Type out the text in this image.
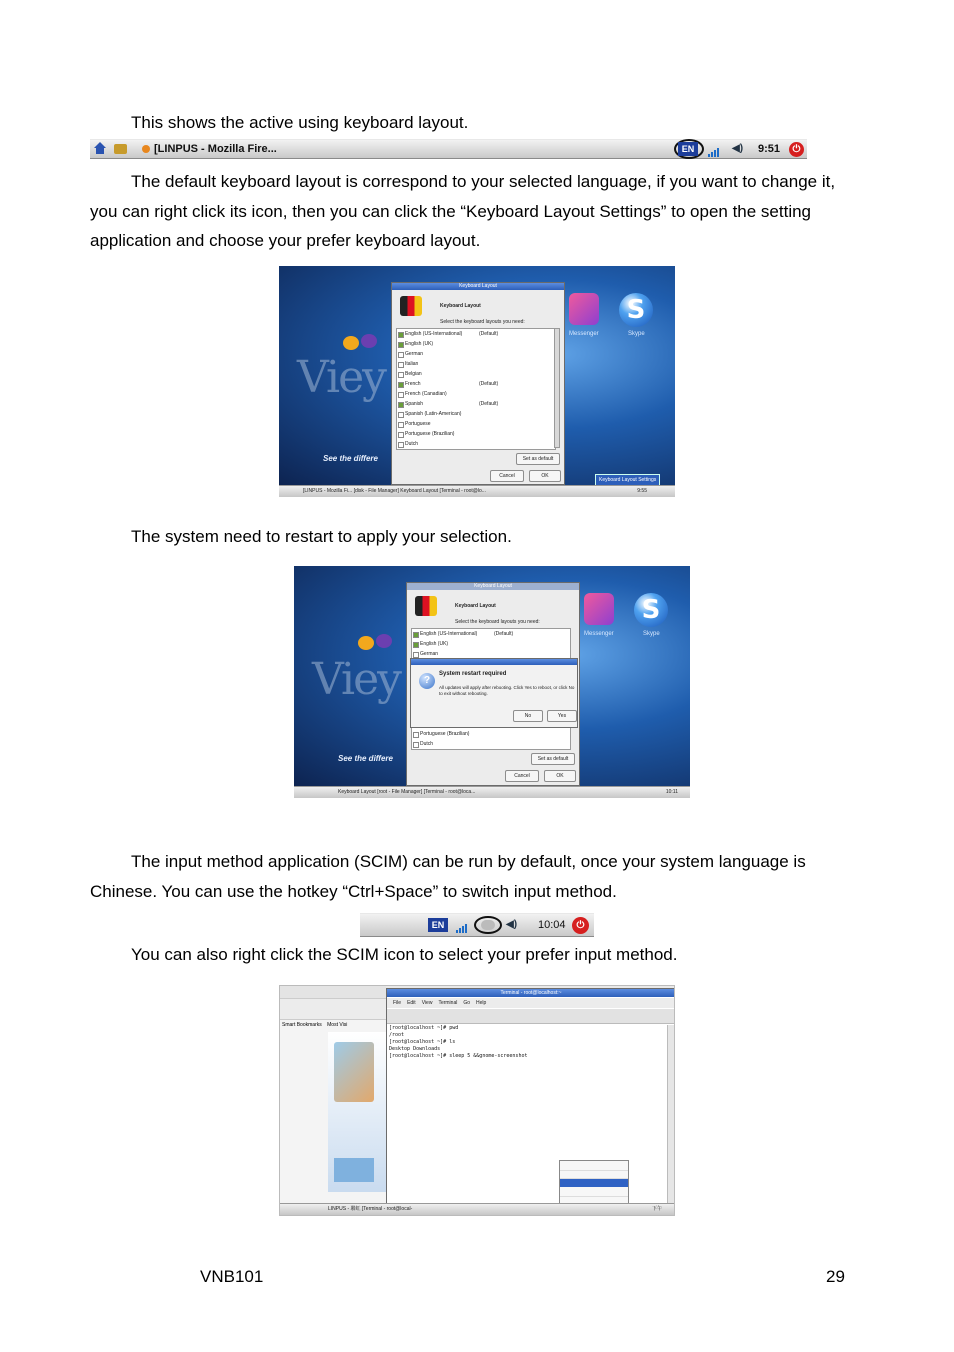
This shows the active using keyboard layout.

[LINPUS - Mozilla Fire...	EN	◀) 9:51	⏻

The default keyboard layout is correspond to your selected language, if you want to change it, you can right click its icon, then you can click the “Keyboard Layout Settings” to open the setting application and choose your prefer keyboard layout.

Viey
See the differe
S
Skype
Messenger
Keyboard Layout
Keyboard Layout
Select the keyboard layouts you need:
English (US-International)	(Default)
English (UK)
German
Italian
Belgian
French	(Default)
French (Canadian)
Spanish	(Default)
Spanish (Latin-American)
Portuguese
Portuguese (Brazilian)
Dutch
Set as default
Cancel	OK
Keyboard Layout Settings
[LINPUS - Mozilla Fi... [disk - File Manager] Keyboard Layout [Terminal - root@lo...	9:55

The system need to restart to apply your selection.

Viey
See the differe
S
Skype
Messenger
Keyboard Layout
Keyboard Layout
Select the keyboard layouts you need:
English (US-International)	(Default)
English (UK)
German
Portuguese (Brazilian)
Dutch
Set as default
Cancel	OK
?
System restart required
All updates will apply after rebooting. Click Yes to reboot, or click No to exit without rebooting.
No	Yes
Keyboard Layout [root - File Manager] [Terminal - root@loca...	10:11

The input method application (SCIM) can be run by default, once your system language is Chinese. You can use the hotkey “Ctrl+Space” to switch input method.

EN	◀) 10:04	⏻

You can also right click the SCIM icon to select your prefer input method.

Smart Bookmarks Most Visi
Terminal - root@localhost:~
File Edit View Terminal Go Help
[root@localhost ~]# pwd
/root
[root@localhost ~]# ls
Desktop Downloads
[root@localhost ~]# sleep 5 &&gnome-screenshot
LINPUS - 聯虹 [Terminal - root@local-	下午
VNB101	29
